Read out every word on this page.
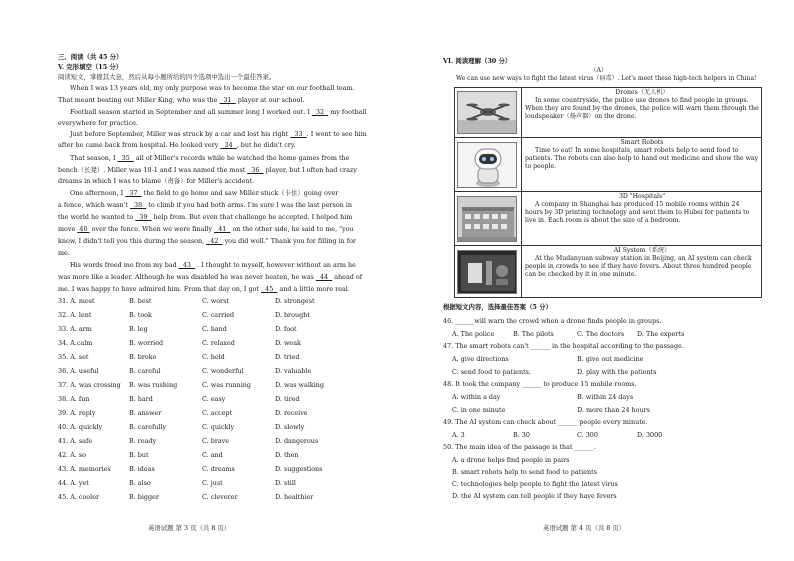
三、阅读（共 45 分）
V. 完形填空（15 分）
阅读短文，掌握其大意，然后从每小题所给的四个选项中选出一个最佳答案。
When I was 13 years old, my only purpose was to become the star on our football team.
That meant beating out Miller King, who was the 31 player at our school.
Football season started in September and all summer long I worked out. I 32 my football
everywhere for practice.
Just before September, Miller was struck by a car and lost his right 33 . I went to see him
after he came back from hospital. He looked very 34 , but he didn't cry.
That season, I 35 all of Miller's records while he watched the home games from the
bench（长凳）. Miller was 10-1 and I was named the most 36 player, but I often had crazy
dreams in which I was to blame（责备）for Miller's accident.
One afternoon, I 37 the field to go home and saw Miller stuck（卡住）going over
a fence, which wasn't 38 to climb if you had both arms. I'm sure I was the last person in
the world he wanted to 39 help from. But even that challenge he accepted. I helped him
move 40 over the fence. When we were finally 41 on the other side, he said to me, "you
know, I didn't tell you this during the season, 42 you did well." Thank you for filling in for
me.
His words freed me from my bad 43 . I thought to myself, however without an arm he
was more like a leader. Although he was disabled he was never beaten, he was 44 ahead of
me. I was happy to have admired him. From that day on, I got 45 and a little more real.
31. A. most	B. best	C. worst	D. strongest
32. A. lent	B. took	C. carried	D. brought
33. A. arm	B. leg	C. hand	D. foot
34. A.calm	B. worried	C. relaxed	D. weak
35. A. set	B. broke	C. held	D. tried
36. A. useful	B. careful	C. wonderful	D. valuable
37. A. was crossing B. was rushing	C. was running	D. was walking
38. A. fun	B. hard	C. easy	D. tired
39. A. reply	B. answer	C. accept	D. receive
40. A. quickly	B. carefully	C. quickly	D. slowly
41. A. safe	B. ready	C. brave	D. dangerous
42. A. so	B. but	C. and	D. then
43. A. memories	B. ideas	C. dreams	D. suggestions
44. A. yet	B. also	C. just	D. still
45. A. cooler	B. bigger	C. cleverer	D. healthier
英语试题 第 3 页（共 8 页）
VI. 阅读理解（30 分）
（A）
We can use new ways to fight the latest virus（病毒）. Let's meet these high-tech helpers in China!
Drones（无人机）
In some countryside, the police use drones to find people in groups. When they are found by the drones, the police will warn them through the loudspeaker（扬声器）on the drone.
Smart Robots
Time to eat! In some hospitals, smart robots help to send food to patients. The robots can also help to hand out medicine and show the way to people.
3D "Hospitals"
A company in Shanghai has produced 15 mobile rooms within 24 hours by 3D printing technology and sent them to Hubei for patients to live in. Each room is about the size of a bedroom.
AI System（系统）
At the Mudanyuan subway station in Beijing, an AI system can check people in crowds to see if they have fevers. About three hundred people can be checked by it in one minute.
根据短文内容，选择最佳答案（5 分）
46. ______will warn the crowd when a drone finds people in groups.
A. The police	B. The pilots	C. The doctors D. The experts
47. The smart robots can't ______ in the hospital according to the passage.
A. give directions	B. give out medicine
C. send food to patients.	D. play with the patients
48. It took the company ______ to produce 15 mobile rooms.
A. within a day	B. within 24 days
C. in one minute	D. more than 24 hours
49. The AI system can check about ______ people every minute.
A. 3	B. 30	C. 300	D. 3000
50. The main idea of the passage is that ______.
A. a drone helps find people in pairs
B. smart robots help to send food to patients
C. technologies help people to fight the latest virus
D. the AI system can tell people if they have fevers
英语试题 第 4 页（共 8 页）
